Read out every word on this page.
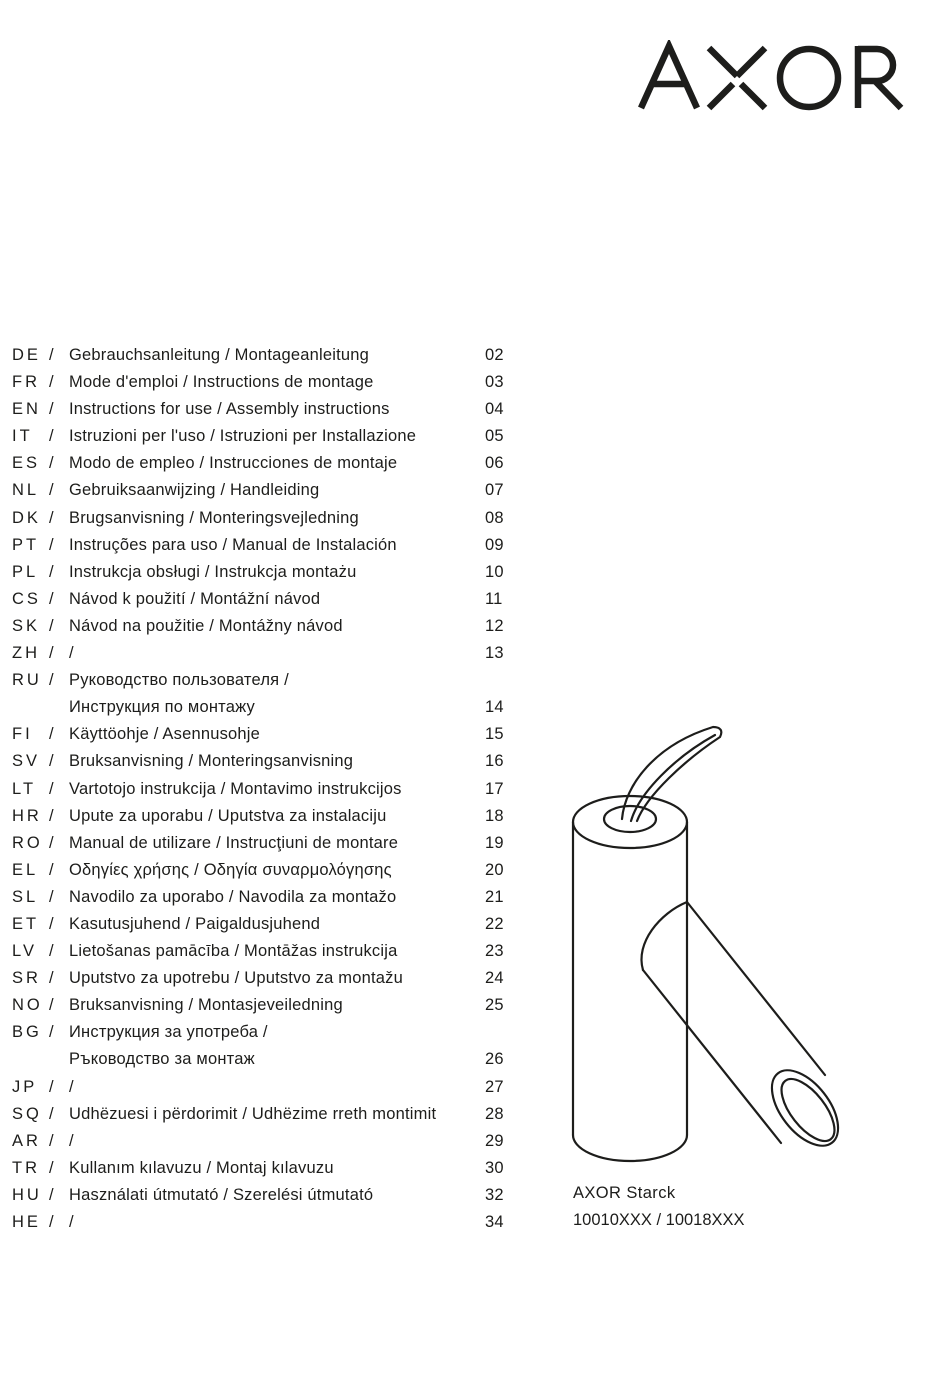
DE / Gebrauchsanleitung / Montageanleitung	02
FR / Mode d'emploi / Instructions de montage	03
EN / Instructions for use / Assembly instructions	04
IT / Istruzioni per l'uso / Istruzioni per Installazione	05
ES / Modo de empleo / Instrucciones de montaje	06
NL / Gebruiksaanwijzing / Handleiding	07
DK / Brugsanvisning / Monteringsvejledning	08
PT / Instruções para uso / Manual de Instalación	09
PL / Instrukcja obsługi / Instrukcja montażu	10
CS / Návod k použití / Montážní návod	11
SK / Návod na použitie / Montážny návod	12
ZH / /	13
RU / Руководство пользователя /
Инструкция по монтажу	14
FI / Käyttöohje / Asennusohje	15
SV / Bruksanvisning / Monteringsanvisning	16
LT / Vartotojo instrukcija / Montavimo instrukcijos	17
HR / Upute za uporabu / Uputstva za instalaciju	18
RO / Manual de utilizare / Instrucţiuni de montare	19
EL / Οδηγίες χρήσης / Οδηγία συναρμολόγησης	20
SL / Navodilo za uporabo / Navodila za montažo	21
ET / Kasutusjuhend / Paigaldusjuhend	22
LV / Lietošanas pamācība / Montāžas instrukcija	23
SR / Uputstvo za upotrebu / Uputstvo za montažu	24
NO / Bruksanvisning / Montasjeveiledning	25
BG / Инструкция за употреба /
Ръководство за монтаж	26
JP / /	27
SQ / Udhëzuesi i përdorimit / Udhëzime rreth montimit	28
AR / /	29
TR / Kullanım kılavuzu / Montaj kılavuzu	30
HU / Használati útmutató / Szerelési útmutató	32
HE / /	34
AXOR Starck
10010XXX / 10018XXX
